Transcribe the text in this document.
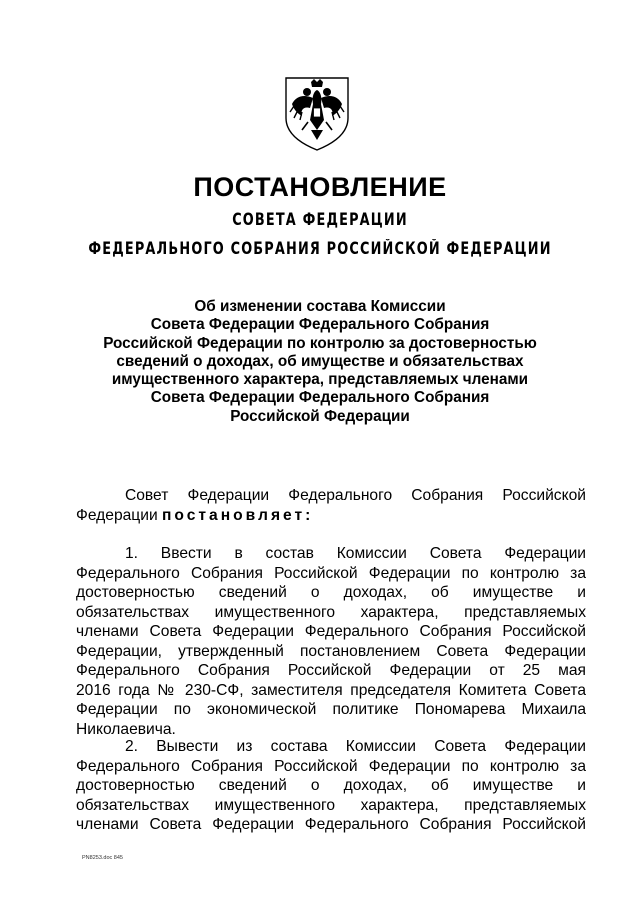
ПОСТАНОВЛЕНИЕ
СОВЕТА ФЕДЕРАЦИИ
ФЕДЕРАЛЬНОГО СОБРАНИЯ РОССИЙСКОЙ ФЕДЕРАЦИИ
Об изменении состава Комиссии
Совета Федерации Федерального Собрания
Российской Федерации по контролю за достоверностью
сведений о доходах, об имуществе и обязательствах
имущественного характера, представляемых членами
Совета Федерации Федерального Собрания
Российской Федерации
Совет Федерации Федерального Собрания Российской
Федерации постановляет:
1. Ввести в состав Комиссии Совета Федерации
Федерального Собрания Российской Федерации по контролю за
достоверностью сведений о доходах, об имуществе и
обязательствах имущественного характера, представляемых
членами Совета Федерации Федерального Собрания Российской
Федерации, утвержденный постановлением Совета Федерации
Федерального Собрания Российской Федерации от 25 мая
2016 года № 230-СФ, заместителя председателя Комитета Совета
Федерации по экономической политике Пономарева Михаила
Николаевича.
2. Вывести из состава Комиссии Совета Федерации
Федерального Собрания Российской Федерации по контролю за
достоверностью сведений о доходах, об имуществе и
обязательствах имущественного характера, представляемых
членами Совета Федерации Федерального Собрания Российской
PN8253.doc 845
